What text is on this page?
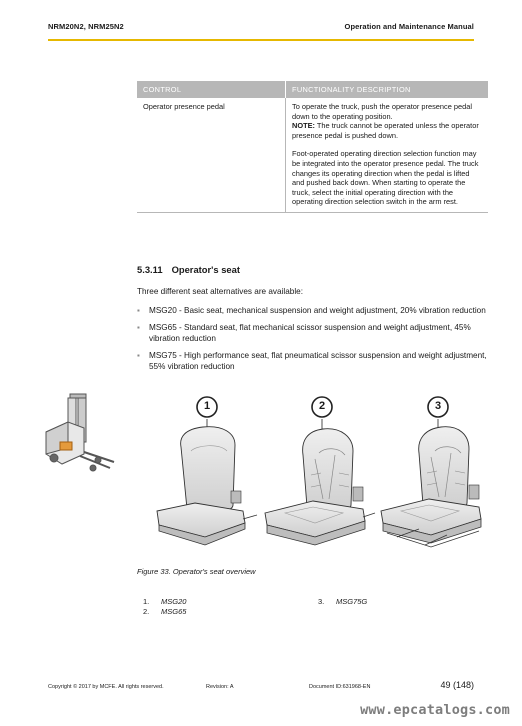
NRM20N2, NRM25N2	Operation and Maintenance Manual
CONTROL	FUNCTIONALITY DESCRIPTION
Operator presence pedal	To operate the truck, push the operator presence pedal down to the operating position.
NOTE: The truck cannot be operated unless the operator presence pedal is pushed down.
Foot-operated operating direction selection function may be integrated into the operator presence pedal. The truck changes its operating direction when the pedal is lifted and pushed back down. When starting to operate the truck, select the initial operating direction with the operating direction selection switch in the arm rest.
5.3.11 Operator's seat
Three different seat alternatives are available:
▪ MSG20 - Basic seat, mechanical suspension and weight adjustment, 20% vibration reduction
▪ MSG65 - Standard seat, flat mechanical scissor suspension and weight adjustment, 45% vibration reduction
▪ MSG75 - High performance seat, flat pneumatical scissor suspension and weight adjustment, 55% vibration reduction
1	2	3
Figure 33. Operator's seat overview
1. MSG20
2. MSG65
3. MSG75G
Copyright © 2017 by MCFE. All rights reserved.	Revision: A	Document ID:631968-EN	49 (148)
www.epcatalogs.com
